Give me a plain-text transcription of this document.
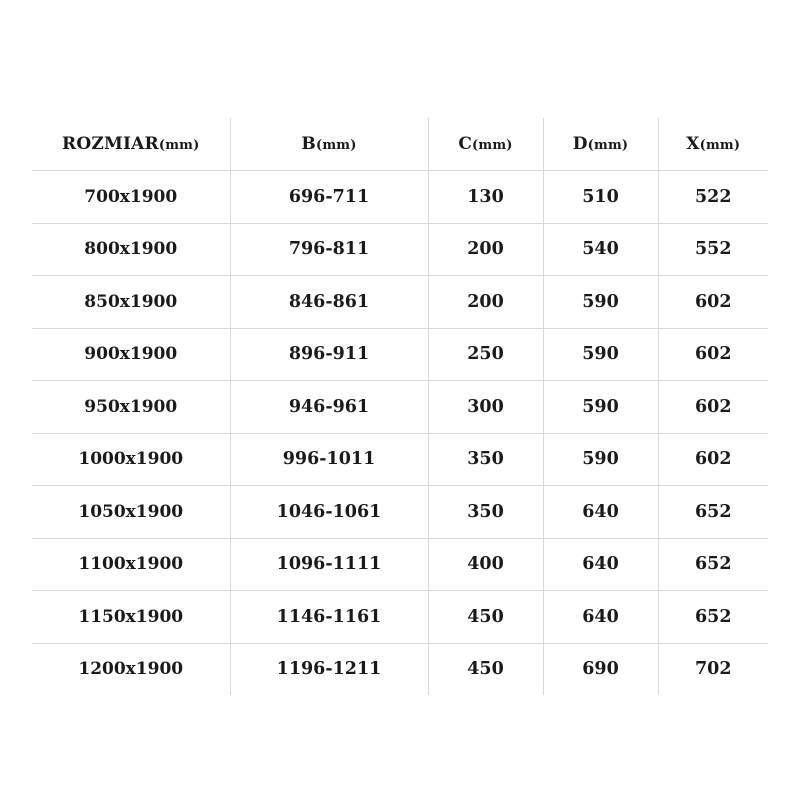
ROZMIAR(mm)	B(mm)	C(mm)	D(mm)	X(mm)
700x1900	696-711	130	510	522
800x1900	796-811	200	540	552
850x1900	846-861	200	590	602
900x1900	896-911	250	590	602
950x1900	946-961	300	590	602
1000x1900	996-1011	350	590	602
1050x1900	1046-1061	350	640	652
1100x1900	1096-1111	400	640	652
1150x1900	1146-1161	450	640	652
1200x1900	1196-1211	450	690	702
